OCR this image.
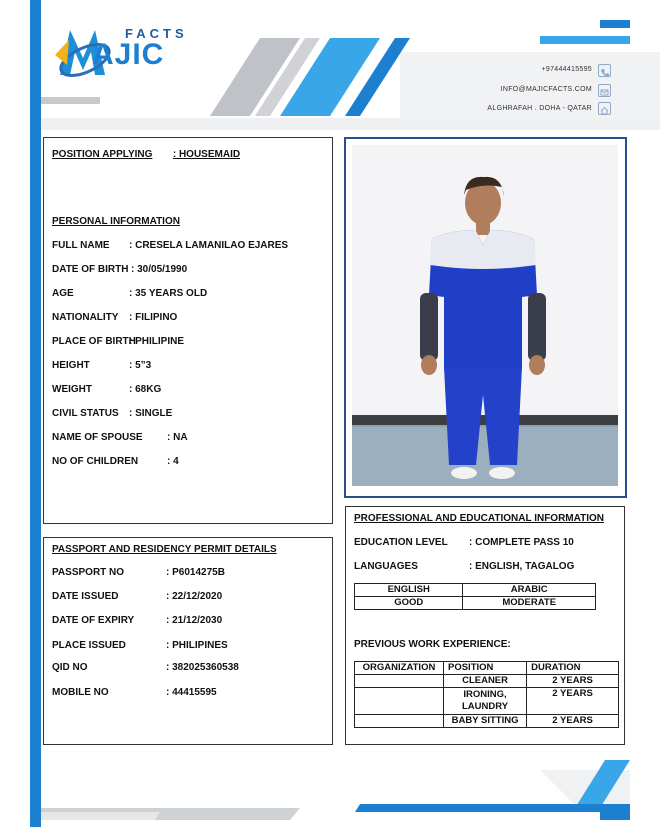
FACTS
AJIC	+97444415595
INFO@MAJICFACTS.COM
ALGHRAFAH . DOHA - QATAR
POSITION APPLYING : HOUSEMAID
PERSONAL INFORMATION
FULL NAME : CRESELA LAMANILAO EJARES
DATE OF BIRTH : 30/05/1990
AGE	: 35 YEARS OLD
NATIONALITY : FILIPINO
PLACE OF BIRTH
: PHILIPINE
HEIGHT	: 5”3
WEIGHT	: 68KG
CIVIL STATUS : SINGLE
NAME OF SPOUSE : NA
NO OF CHILDREN	: 4
PASSPORT AND RESIDENCY PERMIT DETAILS
PASSPORT NO	: P6014275B
DATE ISSUED	: 22/12/2020
DATE OF EXPIRY	: 21/12/2030
PLACE ISSUED	: PHILIPINES
QID NO	: 382025360538
MOBILE NO	: 44415595
PROFESSIONAL AND EDUCATIONAL INFORMATION
EDUCATION LEVEL : COMPLETE PASS 10
LANGUAGES	: ENGLISH, TAGALOG
ENGLISH	ARABIC
GOOD	MODERATE
PREVIOUS WORK EXPERIENCE:
ORGANIZATION	POSITION	DURATION
	CLEANER	2 YEARS
	IRONING, LAUNDRY	2 YEARS
	BABY SITTING	2 YEARS
